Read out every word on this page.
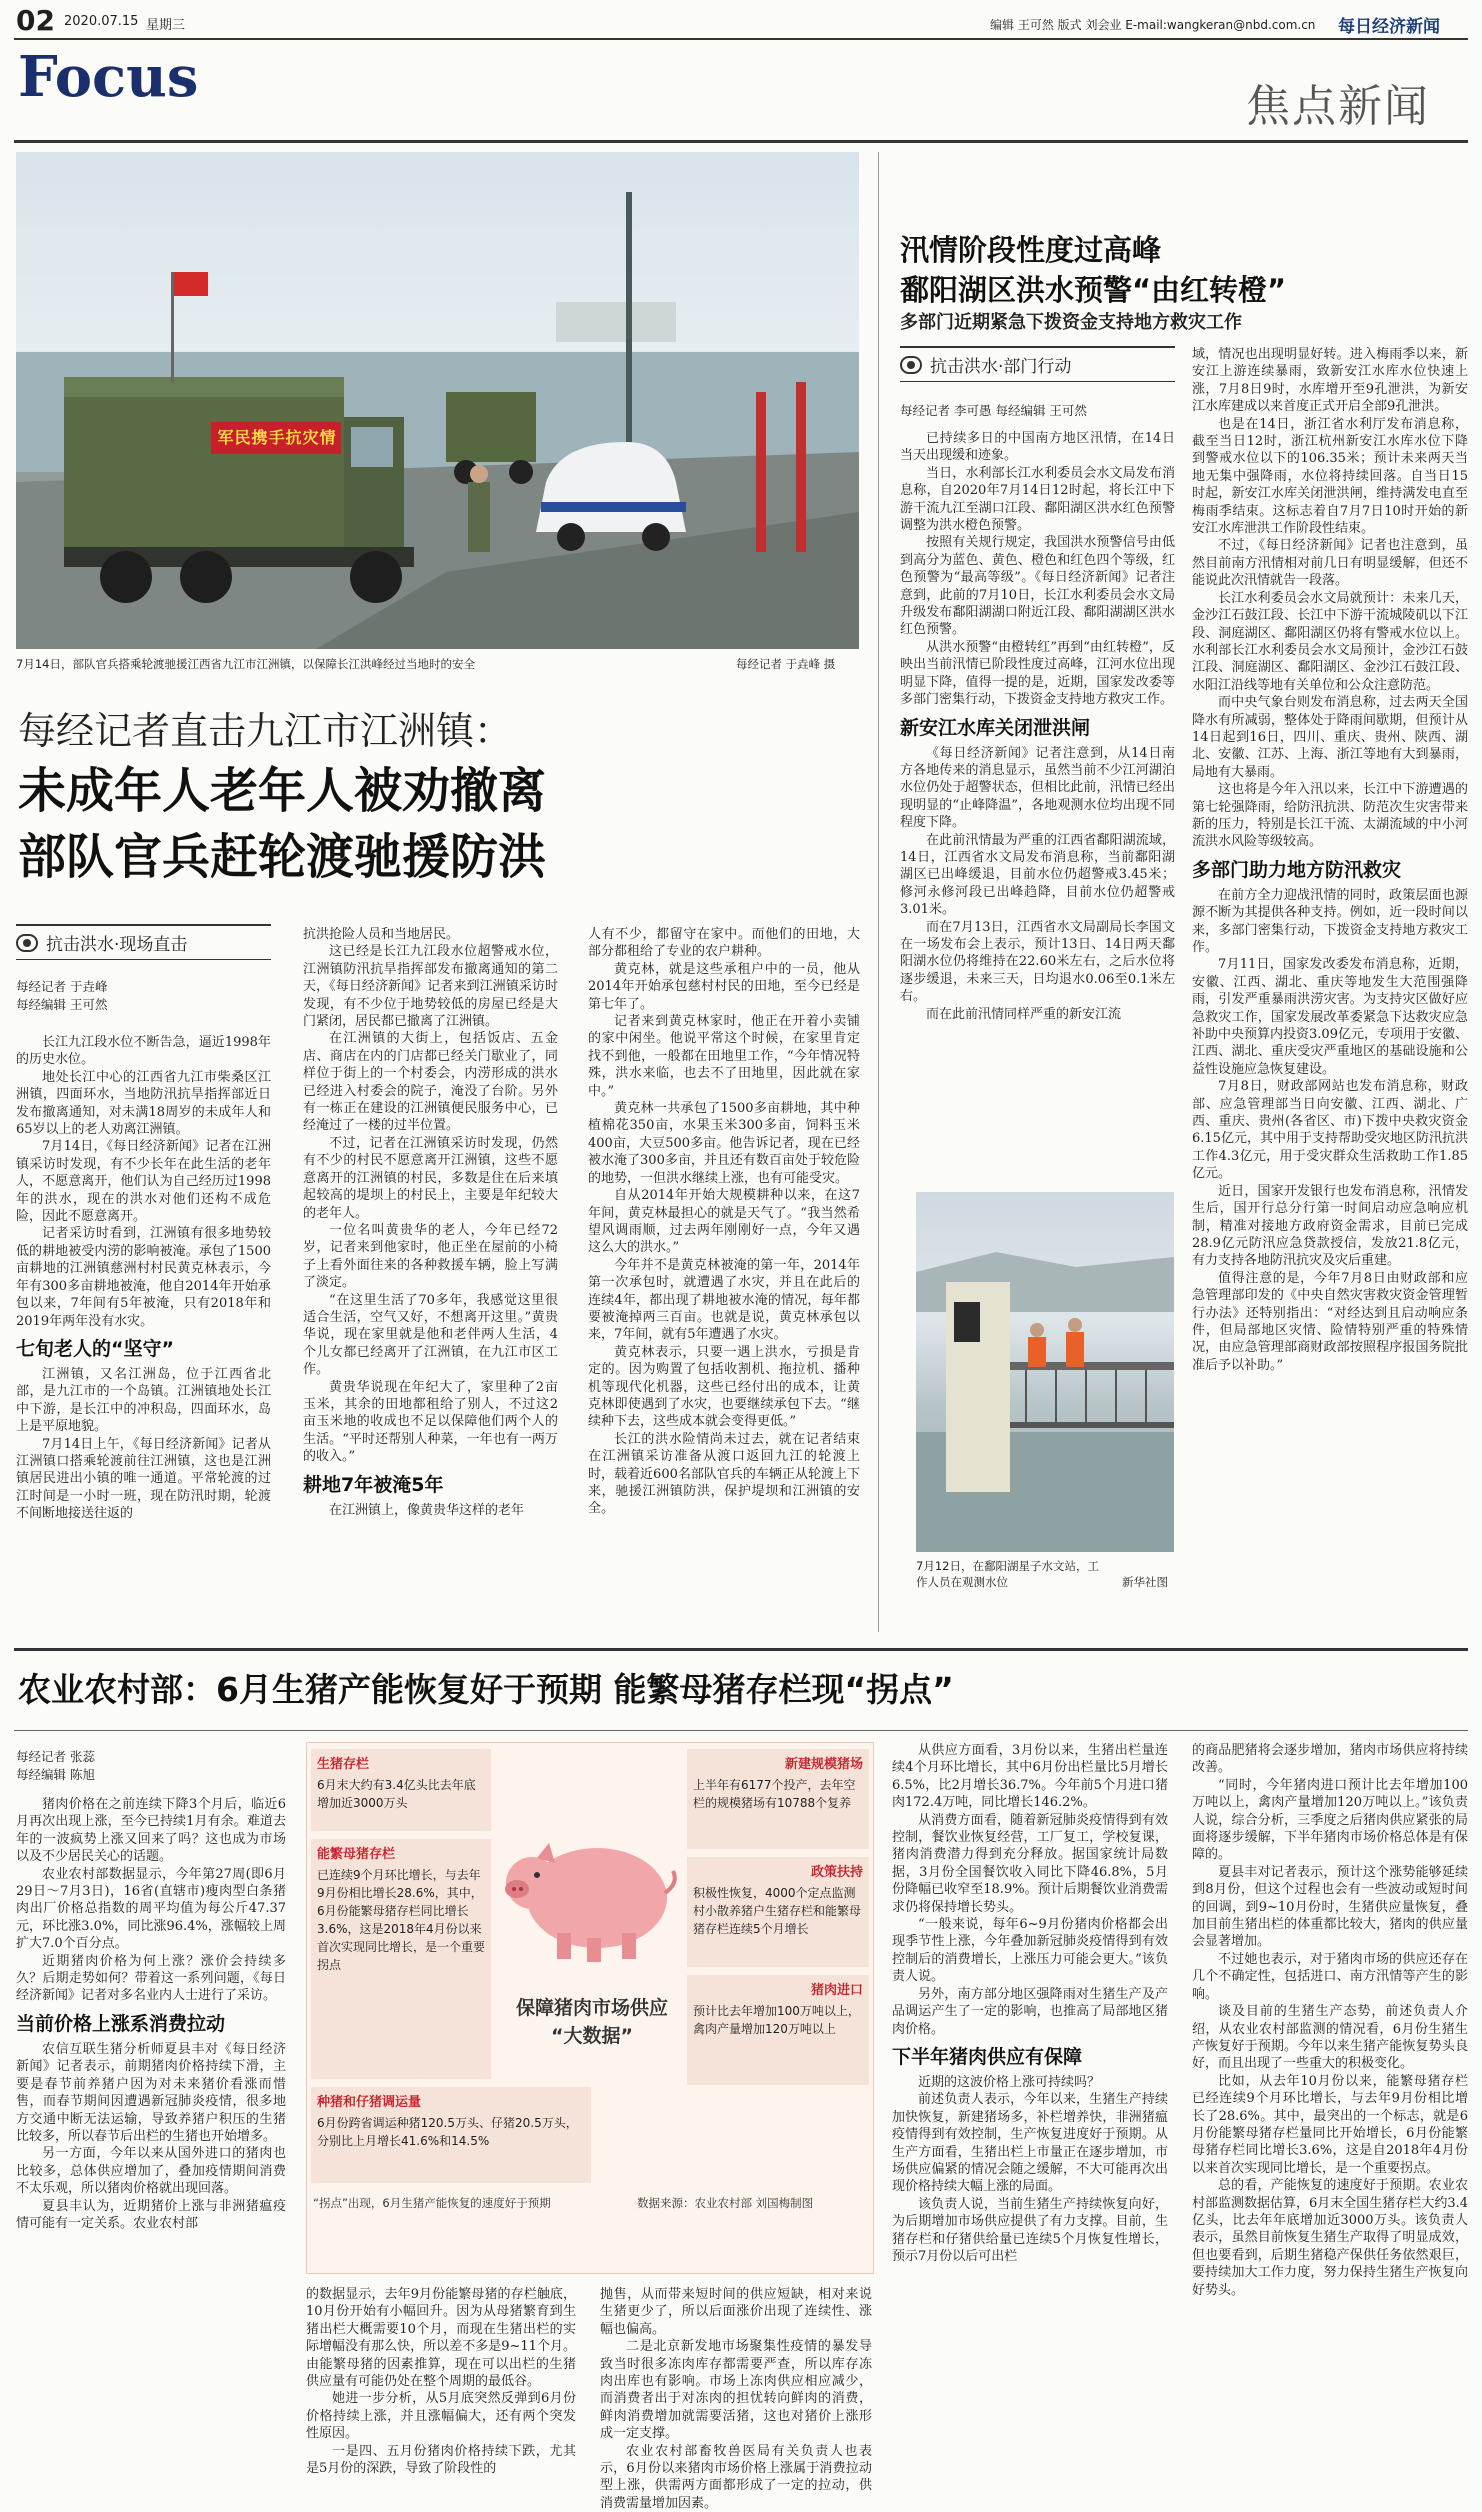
02 2020.07.15 星期三	编辑 王可然 版式 刘会业 E-mail:wangkeran@nbd.com.cn 每日经济新闻
Focus	焦点新闻
军民携手抗灾情
7月14日，部队官兵搭乘轮渡驰援江西省九江市江洲镇，以保障长江洪峰经过当地时的安全	每经记者 于垚峰 摄
每经记者直击九江市江洲镇：
未成年人老年人被劝撤离
部队官兵赶轮渡驰援防洪
抗击洪水·现场直击
每经记者 于垚峰
每经编辑 王可然

长江九江段水位不断告急，逼近1998年的历史水位。

地处长江中心的江西省九江市柴桑区江洲镇，四面环水，当地防汛抗旱指挥部近日发布撤离通知，对未满18周岁的未成年人和65岁以上的老人劝离江洲镇。

7月14日，《每日经济新闻》记者在江洲镇采访时发现，有不少长年在此生活的老年人，不愿意离开，他们认为自己经历过1998年的洪水，现在的洪水对他们还构不成危险，因此不愿意离开。

记者采访时看到，江洲镇有很多地势较低的耕地被受内涝的影响被淹。承包了1500亩耕地的江洲镇慈洲村村民黄克林表示，今年有300多亩耕地被淹，他自2014年开始承包以来，7年间有5年被淹，只有2018年和2019年两年没有水灾。

七旬老人的“坚守”

江洲镇，又名江洲岛，位于江西省北部，是九江市的一个岛镇。江洲镇地处长江中下游，是长江中的冲积岛，四面环水，岛上是平原地貌。

7月14日上午，《每日经济新闻》记者从江洲镇口搭乘轮渡前往江洲镇，这也是江洲镇居民进出小镇的唯一通道。平常轮渡的过江时间是一小时一班，现在防汛时期，轮渡不间断地接送往返的

抗洪抢险人员和当地居民。

这已经是长江九江段水位超警戒水位，江洲镇防汛抗旱指挥部发布撤离通知的第二天，《每日经济新闻》记者来到江洲镇采访时发现，有不少位于地势较低的房屋已经是大门紧闭，居民都已撤离了江洲镇。

在江洲镇的大街上，包括饭店、五金店、商店在内的门店都已经关门歇业了，同样位于街上的一个村委会，内涝形成的洪水已经进入村委会的院子，淹没了台阶。另外有一栋正在建设的江洲镇便民服务中心，已经淹过了一楼的过半位置。

不过，记者在江洲镇采访时发现，仍然有不少的村民不愿意离开江洲镇，这些不愿意离开的江洲镇的村民，多数是住在后来填起较高的堤坝上的村民上，主要是年纪较大的老年人。

一位名叫黄贵华的老人，今年已经72岁，记者来到他家时，他正坐在屋前的小椅子上看外面往来的各种救援车辆，脸上写满了淡定。

“在这里生活了70多年，我感觉这里很适合生活，空气又好，不想离开这里。”黄贵华说，现在家里就是他和老伴两人生活，4个儿女都已经离开了江洲镇，在九江市区工作。

黄贵华说现在年纪大了，家里种了2亩玉米，其余的田地都租给了别人，不过这2亩玉米地的收成也不足以保障他们两个人的生活。“平时还帮别人种菜，一年也有一两万的收入。”

耕地7年被淹5年

在江洲镇上，像黄贵华这样的老年

人有不少，都留守在家中。而他们的田地，大部分都租给了专业的农户耕种。

黄克林，就是这些承租户中的一员，他从2014年开始承包慈村村民的田地，至今已经是第七年了。

记者来到黄克林家时，他正在开着小卖铺的家中闲坐。他说平常这个时候，在家里肯定找不到他，一般都在田地里工作，“今年情况特殊，洪水来临，也去不了田地里，因此就在家中。”

黄克林一共承包了1500多亩耕地，其中种植棉花350亩，水果玉米300多亩，饲料玉米400亩，大豆500多亩。他告诉记者，现在已经被水淹了300多亩，并且还有数百亩处于较危险的地势，一但洪水继续上涨，也有可能受灾。

自从2014年开始大规模耕种以来，在这7年间，黄克林最担心的就是天气了。“我当然希望风调雨顺，过去两年刚刚好一点，今年又遇这么大的洪水。”

今年并不是黄克林被淹的第一年，2014年第一次承包时，就遭遇了水灾，并且在此后的连续4年，都出现了耕地被水淹的情况，每年都要被淹掉两三百亩。也就是说，黄克林承包以来，7年间，就有5年遭遇了水灾。

黄克林表示，只要一遇上洪水，亏损是肯定的。因为购置了包括收割机、拖拉机、播种机等现代化机器，这些已经付出的成本，让黄克林即使遇到了水灾，也要继续承包下去。“继续种下去，这些成本就会变得更低。”

长江的洪水险情尚未过去，就在记者结束在江洲镇采访准备从渡口返回九江的轮渡上时，载着近600名部队官兵的车辆正从轮渡上下来，驰援江洲镇防洪，保护堤坝和江洲镇的安全。

汛情阶段性度过高峰
鄱阳湖区洪水预警“由红转橙”
多部门近期紧急下拨资金支持地方救灾工作
抗击洪水·部门行动
每经记者 李可愚 每经编辑 王可然

已持续多日的中国南方地区汛情，在14日当天出现缓和迹象。

当日，水利部长江水利委员会水文局发布消息称，自2020年7月14日12时起，将长江中下游干流九江至湖口江段、鄱阳湖区洪水红色预警调整为洪水橙色预警。

按照有关规行规定，我国洪水预警信号由低到高分为蓝色、黄色、橙色和红色四个等级，红色预警为“最高等级”。《每日经济新闻》记者注意到，此前的7月10日，长江水利委员会水文局升级发布鄱阳湖湖口附近江段、鄱阳湖湖区洪水红色预警。

从洪水预警“由橙转红”再到“由红转橙”，反映出当前汛情已阶段性度过高峰，江河水位出现明显下降，值得一提的是，近期，国家发改委等多部门密集行动，下拨资金支持地方救灾工作。

新安江水库关闭泄洪闸

《每日经济新闻》记者注意到，从14日南方各地传来的消息显示，虽然当前不少江河湖泊水位仍处于超警状态，但相比此前，汛情已经出现明显的“止峰降温”，各地观测水位均出现不同程度下降。

在此前汛情最为严重的江西省鄱阳湖流域，14日，江西省水文局发布消息称，当前鄱阳湖湖区已出峰缓退，目前水位仍超警戒3.45米；修河永修河段已出峰趋降，目前水位仍超警戒3.01米。

而在7月13日，江西省水文局副局长李国文在一场发布会上表示，预计13日、14日两天鄱阳湖水位仍将维持在22.60米左右，之后水位将逐步缓退，未来三天，日均退水0.06至0.1米左右。

而在此前汛情同样严重的新安江流

7月12日，在鄱阳湖星子水文站，工作人员在观测水位	新华社图

域，情况也出现明显好转。进入梅雨季以来，新安江上游连续暴雨，致新安江水库水位快速上涨，7月8日9时，水库增开至9孔泄洪，为新安江水库建成以来首度正式开启全部9孔泄洪。

也是在14日，浙江省水利厅发布消息称，截至当日12时，浙江杭州新安江水库水位下降到警戒水位以下的106.35米；预计未来两天当地无集中强降雨，水位将持续回落。自当日15时起，新安江水库关闭泄洪闸，维持满发电直至梅雨季结束。这标志着自7月7日10时开始的新安江水库泄洪工作阶段性结束。

不过，《每日经济新闻》记者也注意到，虽然目前南方汛情相对前几日有明显缓解，但还不能说此次汛情就告一段落。

长江水利委员会水文局就预计：未来几天，金沙江石鼓江段、长江中下游干流城陵矶以下江段、洞庭湖区、鄱阳湖区仍将有警戒水位以上。水利部长江水利委员会水文局预计，金沙江石鼓江段、洞庭湖区、鄱阳湖区、金沙江石鼓江段、水阳江沿线等地有关单位和公众注意防范。

而中央气象台则发布消息称，过去两天全国降水有所减弱，整体处于降雨间歇期，但预计从14日起到16日，四川、重庆、贵州、陕西、湖北、安徽、江苏、上海、浙江等地有大到暴雨，局地有大暴雨。

这也将是今年入汛以来，长江中下游遭遇的第七轮强降雨，给防汛抗洪、防范次生灾害带来新的压力，特别是长江干流、太湖流域的中小河流洪水风险等级较高。

多部门助力地方防汛救灾

在前方全力迎战汛情的同时，政策层面也源源不断为其提供各种支持。例如，近一段时间以来，多部门密集行动，下拨资金支持地方救灾工作。

7月11日，国家发改委发布消息称，近期，安徽、江西、湖北、重庆等地发生大范围强降雨，引发严重暴雨洪涝灾害。为支持灾区做好应急救灾工作，国家发展改革委紧急下达救灾应急补助中央预算内投资3.09亿元，专项用于安徽、江西、湖北、重庆受灾严重地区的基础设施和公益性设施应急恢复建设。

7月8日，财政部网站也发布消息称，财政部、应急管理部当日向安徽、江西、湖北、广西、重庆、贵州(各省区、市)下拨中央救灾资金6.15亿元，其中用于支持帮助受灾地区防汛抗洪工作4.3亿元，用于受灾群众生活救助工作1.85亿元。

近日，国家开发银行也发布消息称，汛情发生后，国开行总分行第一时间启动应急响应机制，精准对接地方政府资金需求，目前已完成28.9亿元防汛应急贷款授信，发放21.8亿元，有力支持各地防汛抗灾及灾后重建。

值得注意的是，今年7月8日由财政部和应急管理部印发的《中央自然灾害救灾资金管理暂行办法》还特别指出：“对经达到且启动响应条件，但局部地区灾情、险情特别严重的特殊情况，由应急管理部商财政部按照程序报国务院批准后予以补助。”

农业农村部：6月生猪产能恢复好于预期 能繁母猪存栏现“拐点”
每经记者 张蕊
每经编辑 陈旭

猪肉价格在之前连续下降3个月后，临近6月再次出现上涨，至今已持续1月有余。难道去年的一波疯势上涨又回来了吗？这也成为市场以及不少居民关心的话题。

农业农村部数据显示，今年第27周(即6月29日～7月3日)，16省(直辖市)瘦肉型白条猪肉出厂价格总指数的周平均值为每公斤47.37元，环比涨3.0%，同比涨96.4%，涨幅较上周扩大7.0个百分点。

近期猪肉价格为何上涨？涨价会持续多久？后期走势如何？带着这一系列问题，《每日经济新闻》记者对多名业内人士进行了采访。

当前价格上涨系消费拉动

农信互联生猪分析师夏县丰对《每日经济新闻》记者表示，前期猪肉价格持续下滑，主要是春节前养猪户因为对未来猪价看涨而惜售，而春节期间因遭遇新冠肺炎疫情，很多地方交通中断无法运输，导致养猪户积压的生猪比较多，所以春节后出栏的生猪也开始增多。

另一方面，今年以来从国外进口的猪肉也比较多，总体供应增加了，叠加疫情期间消费不太乐观，所以猪肉价格就出现回落。

夏县丰认为，近期猪价上涨与非洲猪瘟疫情可能有一定关系。农业农村部

生猪存栏
6月末大约有3.4亿头比去年底增加近3000万头
能繁母猪存栏
已连续9个月环比增长，与去年9月份相比增长28.6%，其中，6月份能繁母猪存栏同比增长3.6%，这是2018年4月份以来首次实现同比增长，是一个重要拐点
种猪和仔猪调运量
6月份跨省调运种猪120.5万头、仔猪20.5万头，分别比上月增长41.6%和14.5%
新建规模猪场
上半年有6177个投产，去年空栏的规模猪场有10788个复养
政策扶持
积极性恢复，4000个定点监测村小散养猪户生猪存栏和能繁母猪存栏连续5个月增长
猪肉进口
预计比去年增加100万吨以上，禽肉产量增加120万吨以上
保障猪肉市场供应
“大数据”
“拐点”出现，6月生猪产能恢复的速度好于预期	数据来源：农业农村部 刘国梅制图

的数据显示，去年9月份能繁母猪的存栏触底，10月份开始有小幅回升。因为从母猪繁育到生猪出栏大概需要10个月，而现在生猪出栏的实际增幅没有那么快，所以差不多是9~11个月。由能繁母猪的因素推算，现在可以出栏的生猪供应量有可能仍处在整个周期的最低谷。

她进一步分析，从5月底突然反弹到6月份价格持续上涨，并且涨幅偏大，还有两个突发性原因。

一是四、五月份猪肉价格持续下跌，尤其是5月份的深跌，导致了阶段性的

抛售，从而带来短时间的供应短缺，相对来说生猪更少了，所以后面涨价出现了连续性、涨幅也偏高。

二是北京新发地市场聚集性疫情的暴发导致当时很多冻肉库存都需要严查，所以库存冻肉出库也有影响。市场上冻肉供应相应减少，而消费者出于对冻肉的担忧转向鲜肉的消费，鲜肉消费增加就需要活猪，这也对猪价上涨形成一定支撑。

农业农村部畜牧兽医局有关负责人也表示，6月份以来猪肉市场价格上涨属于消费拉动型上涨，供需两方面都形成了一定的拉动，供消费需量增加因素。

从供应方面看，3月份以来，生猪出栏量连续4个月环比增长，其中6月份出栏量比5月增长6.5%，比2月增长36.7%。今年前5个月进口猪肉172.4万吨，同比增长146.2%。

从消费方面看，随着新冠肺炎疫情得到有效控制，餐饮业恢复经营，工厂复工，学校复课，猪肉消费潜力得到充分释放。据国家统计局数据，3月份全国餐饮收入同比下降46.8%，5月份降幅已收窄至18.9%。预计后期餐饮业消费需求仍将保持增长势头。

“一般来说，每年6~9月份猪肉价格都会出现季节性上涨，今年叠加新冠肺炎疫情得到有效控制后的消费增长，上涨压力可能会更大。”该负责人说。

另外，南方部分地区强降雨对生猪生产及产品调运产生了一定的影响，也推高了局部地区猪肉价格。

下半年猪肉供应有保障

近期的这波价格上涨可持续吗？

前述负责人表示，今年以来，生猪生产持续加快恢复，新建猪场多，补栏增养快，非洲猪瘟疫情得到有效控制，生产恢复进度好于预期。从生产方面看，生猪出栏上市量正在逐步增加，市场供应偏紧的情况会随之缓解，不大可能再次出现价格持续大幅上涨的局面。

该负责人说，当前生猪生产持续恢复向好，为后期增加市场供应提供了有力支撑。目前，生猪存栏和仔猪供给量已连续5个月恢复性增长，预示7月份以后可出栏

的商品肥猪将会逐步增加，猪肉市场供应将持续改善。

“同时，今年猪肉进口预计比去年增加100万吨以上，禽肉产量增加120万吨以上。”该负责人说，综合分析，三季度之后猪肉供应紧张的局面将逐步缓解，下半年猪肉市场价格总体是有保障的。

夏县丰对记者表示，预计这个涨势能够延续到8月份，但这个过程也会有一些波动或短时间的回调，到9~10月份时，生猪供应量恢复，叠加目前生猪出栏的体重都比较大，猪肉的供应量会显著增加。

不过她也表示，对于猪肉市场的供应还存在几个不确定性，包括进口、南方汛情等产生的影响。

谈及目前的生猪生产态势，前述负责人介绍，从农业农村部监测的情况看，6月份生猪生产恢复好于预期。今年以来生猪产能恢复势头良好，而且出现了一些重大的积极变化。

比如，从去年10月份以来，能繁母猪存栏已经连续9个月环比增长，与去年9月份相比增长了28.6%。其中，最突出的一个标志，就是6月份能繁母猪存栏量同比开始增长，6月份能繁母猪存栏同比增长3.6%，这是自2018年4月份以来首次实现同比增长，是一个重要拐点。

总的看，产能恢复的速度好于预期。农业农村部监测数据估算，6月末全国生猪存栏大约3.4亿头，比去年年底增加近3000万头。该负责人表示，虽然目前恢复生猪生产取得了明显成效，但也要看到，后期生猪稳产保供任务依然艰巨，要持续加大工作力度，努力保持生猪生产恢复向好势头。
